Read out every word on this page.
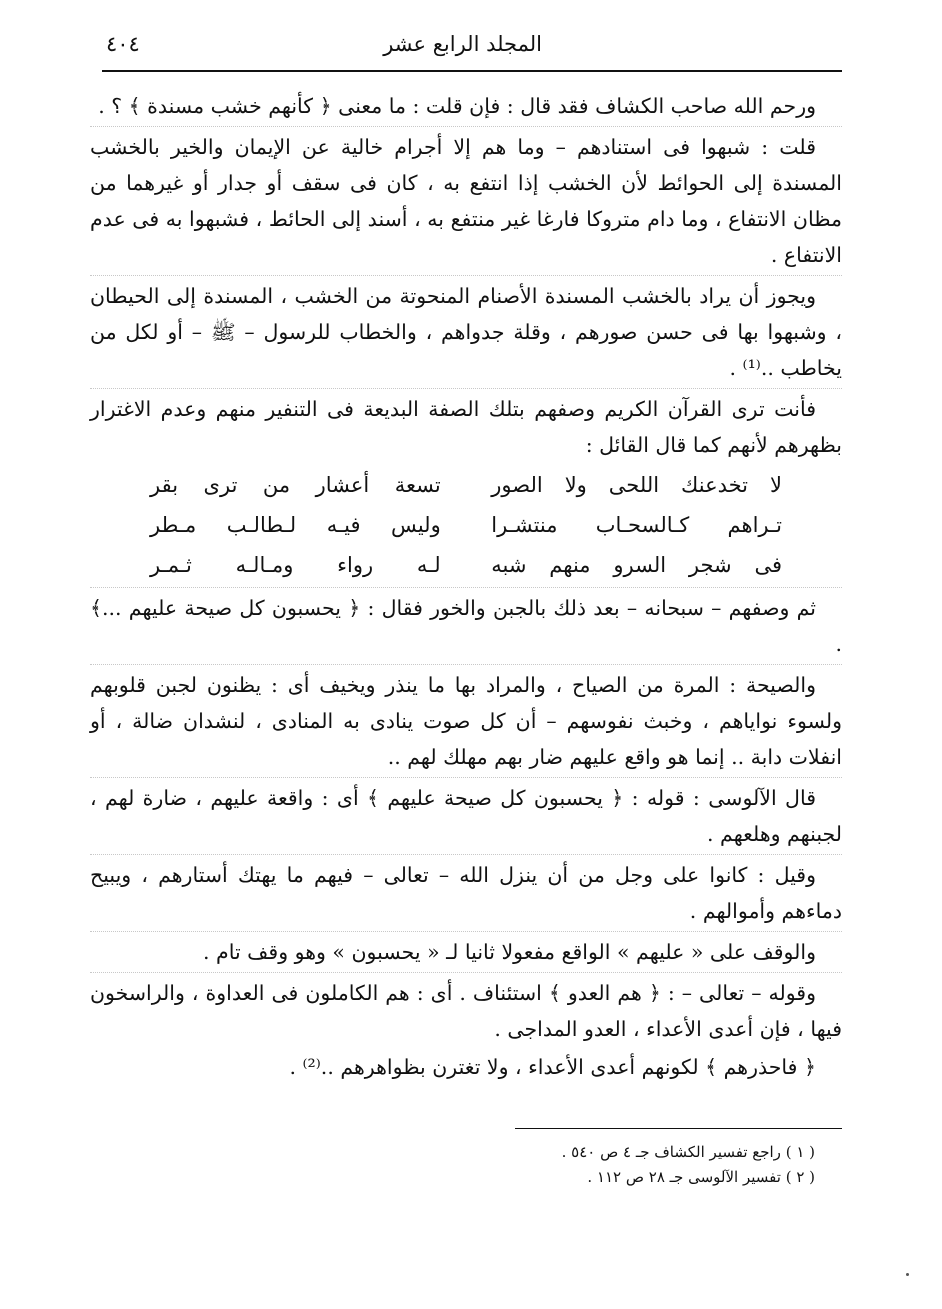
المجلد الرابع عشر
٤٠٤

ورحم الله صاحب الكشاف فقد قال : فإن قلت : ما معنى ﴿ كأنهم خشب مسندة ﴾ ؟ .

قلت : شبهوا فى استنادهم – وما هم إلا أجرام خالية عن الإيمان والخير بالخشب المسندة إلى الحوائط لأن الخشب إذا انتفع به ، كان فى سقف أو جدار أو غيرهما من مظان الانتفاع ، وما دام متروكا فارغا غير منتفع به ، أسند إلى الحائط ، فشبهوا به فى عدم الانتفاع .

ويجوز أن يراد بالخشب المسندة الأصنام المنحوتة من الخشب ، المسندة إلى الحيطان ، وشبهوا بها فى حسن صورهم ، وقلة جدواهم ، والخطاب للرسول – ﷺ – أو لكل من يخاطب ..⁽¹⁾ .

فأنت ترى القرآن الكريم وصفهم بتلك الصفة البديعة فى التنفير منهم وعدم الاغترار بظهرهم لأنهم كما قال القائل :

لا تخدعنك اللحى ولا الصور
تسعة أعشار من ترى بقر
تـراهم كـالسحـاب منتشـرا
وليس فيـه لـطالـب مـطر
فى شجر السرو منهم شبه
لـه رواء ومـالـه ثـمـر

ثم وصفهم – سبحانه – بعد ذلك بالجبن والخور فقال : ﴿ يحسبون كل صيحة عليهم ...﴾ .

والصيحة : المرة من الصياح ، والمراد بها ما ينذر ويخيف أى : يظنون لجبن قلوبهم ولسوء نواياهم ، وخبث نفوسهم – أن كل صوت ينادى به المنادى ، لنشدان ضالة ، أو انفلات دابة .. إنما هو واقع عليهم ضار بهم مهلك لهم ..

قال الآلوسى : قوله : ﴿ يحسبون كل صيحة عليهم ﴾ أى : واقعة عليهم ، ضارة لهم ، لجبنهم وهلعهم .

وقيل : كانوا على وجل من أن ينزل الله – تعالى – فيهم ما يهتك أستارهم ، ويبيح دماءهم وأموالهم .

والوقف على « عليهم » الواقع مفعولا ثانيا لـ « يحسبون » وهو وقف تام .

وقوله – تعالى – : ﴿ هم العدو ﴾ استئناف . أى : هم الكاملون فى العداوة ، والراسخون فيها ، فإن أعدى الأعداء ، العدو المداجى .

﴿ فاحذرهم ﴾ لكونهم أعدى الأعداء ، ولا تغترن بظواهرهم ..⁽²⁾ .

( ١ ) راجع تفسير الكشاف جـ ٤ ص ٥٤٠ .
( ٢ ) تفسير الآلوسى جـ ٢٨ ص ١١٢ .
